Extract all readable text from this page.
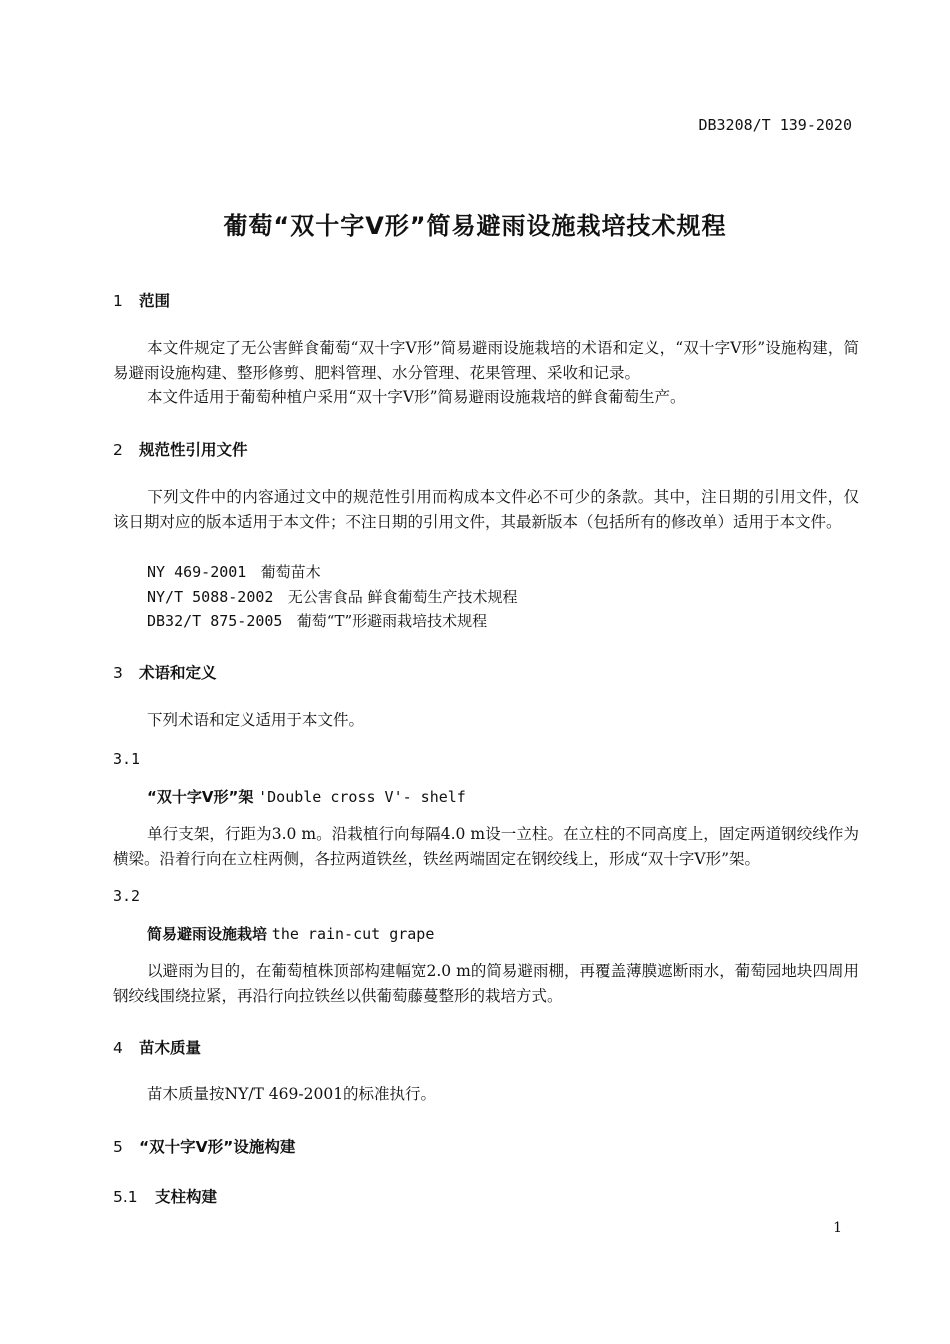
DB3208/T 139-2020
葡萄“双十字Ⅴ形”简易避雨设施栽培技术规程
1 范围
本文件规定了无公害鲜食葡萄“双十字V形”简易避雨设施栽培的术语和定义，“双十字V形”设施构建，简易避雨设施构建、整形修剪、肥料管理、水分管理、花果管理、采收和记录。
本文件适用于葡萄种植户采用“双十字V形”简易避雨设施栽培的鲜食葡萄生产。
2 规范性引用文件
下列文件中的内容通过文中的规范性引用而构成本文件必不可少的条款。其中，注日期的引用文件，仅该日期对应的版本适用于本文件；不注日期的引用文件，其最新版本（包括所有的修改单）适用于本文件。
NY 469-2001 葡萄苗木
NY/T 5088-2002 无公害食品 鲜食葡萄生产技术规程
DB32/T 875-2005 葡萄“T”形避雨栽培技术规程
3 术语和定义
下列术语和定义适用于本文件。
3.1
“双十字Ⅴ形”架 'Double cross V'- shelf
单行支架，行距为3.0 m。沿栽植行向每隔4.0 m设一立柱。在立柱的不同高度上，固定两道钢绞线作为横梁。沿着行向在立柱两侧，各拉两道铁丝，铁丝两端固定在钢绞线上，形成“双十字V形”架。
3.2
简易避雨设施栽培 the rain-cut grape
以避雨为目的，在葡萄植株顶部构建幅宽2.0 m的简易避雨棚，再覆盖薄膜遮断雨水，葡萄园地块四周用钢绞线围绕拉紧，再沿行向拉铁丝以供葡萄藤蔓整形的栽培方式。
4 苗木质量
苗木质量按NY/T 469-2001的标准执行。
5 “双十字Ⅴ形”设施构建
5.1 支柱构建
1
